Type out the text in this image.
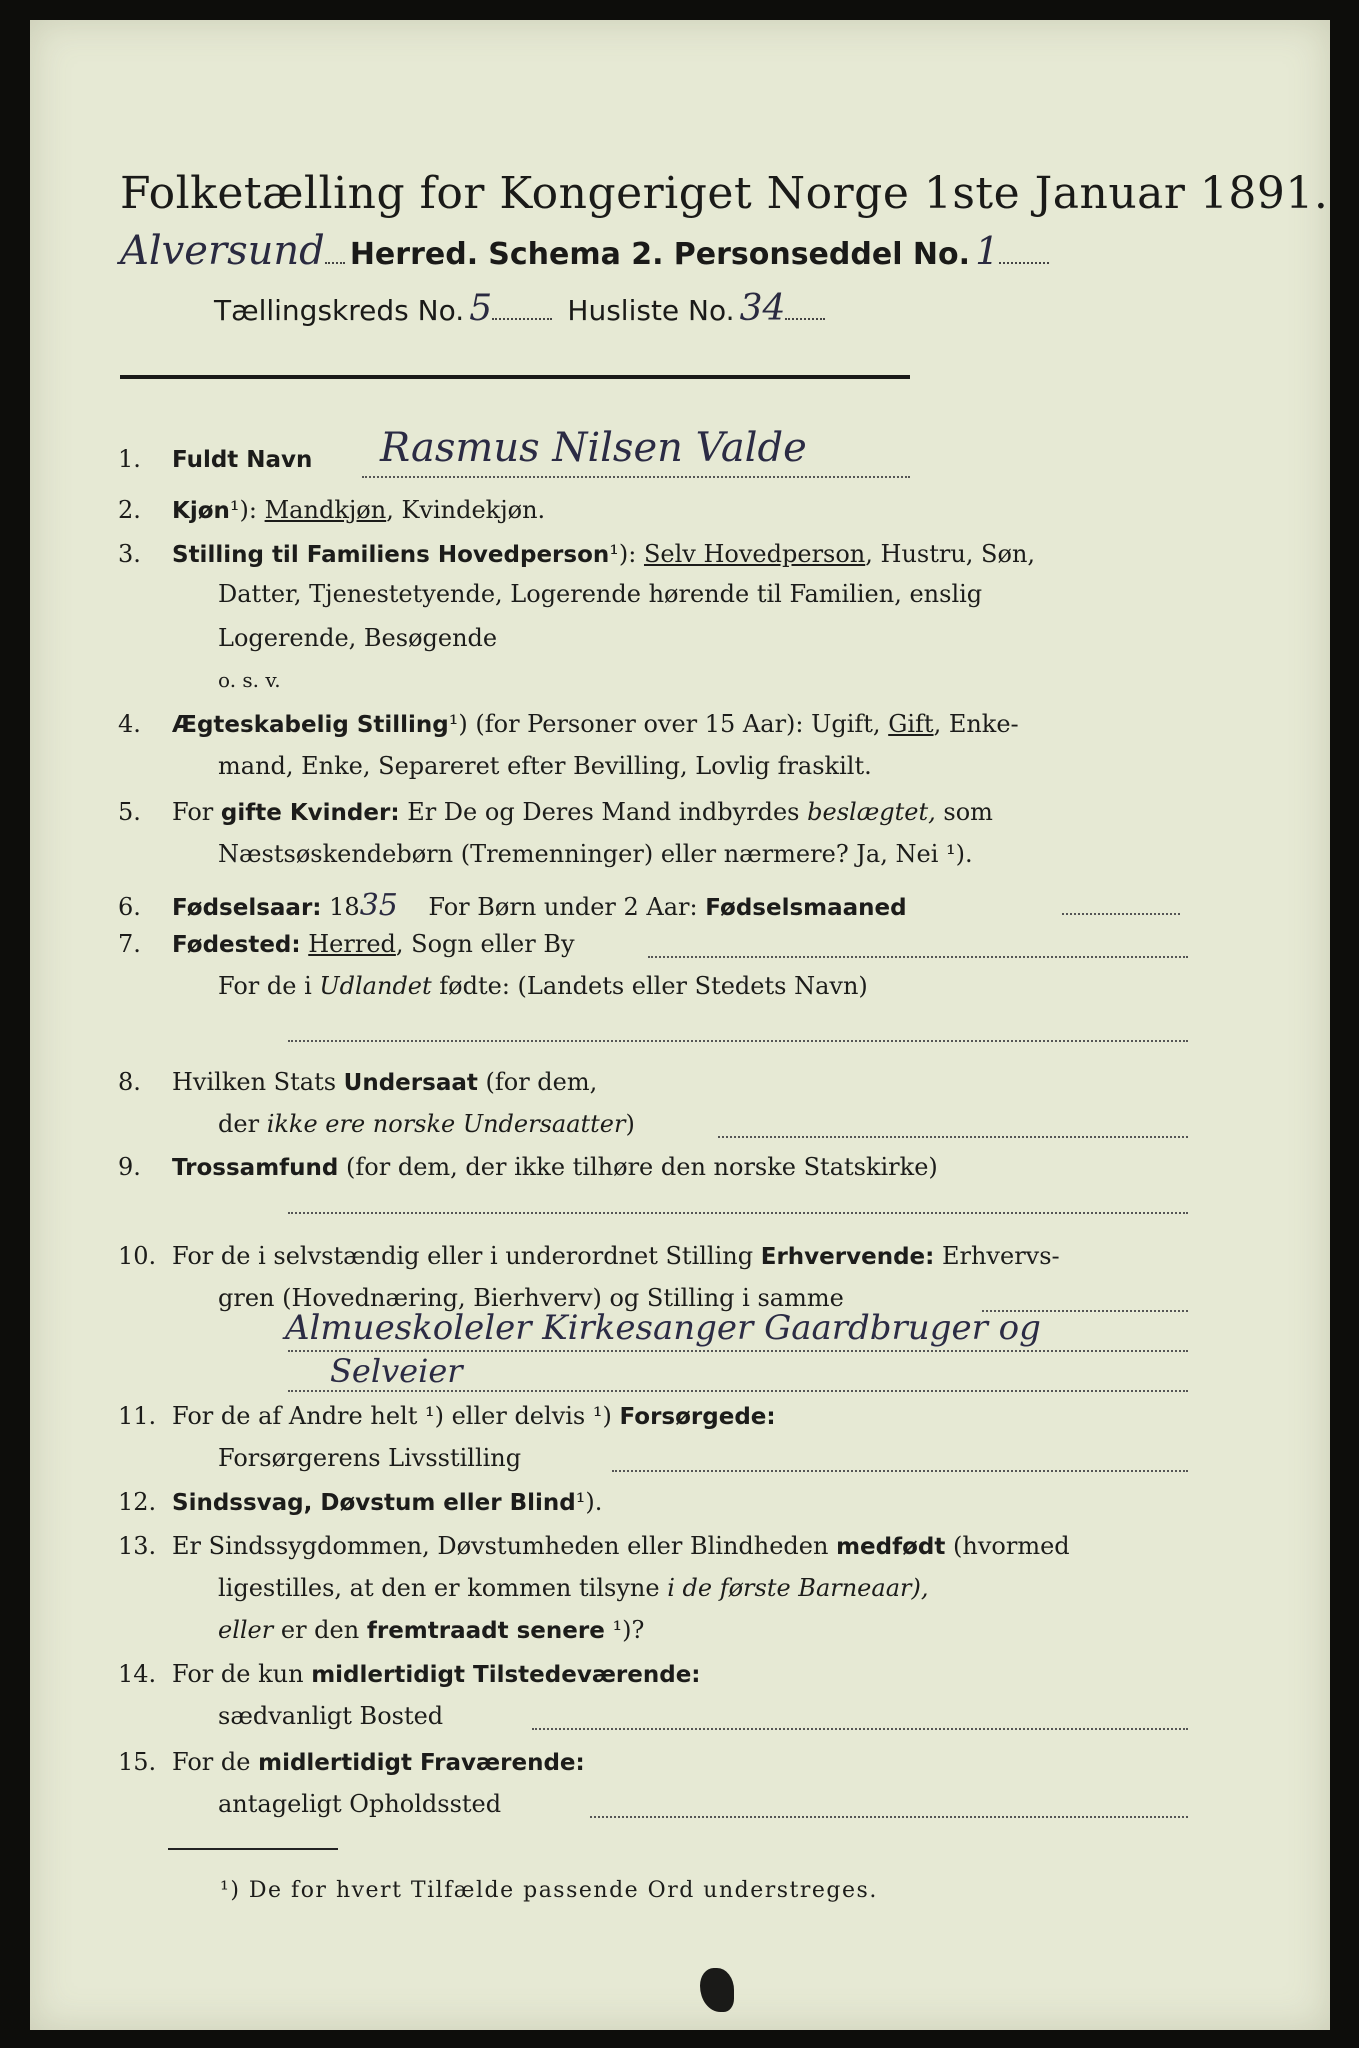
Folketælling for Kongeriget Norge 1ste Januar 1891.
Alversund Herred. Schema 2. Personseddel No. 1
Tællingskreds No. 5	Husliste No. 34
1. Fuldt Navn	Rasmus Nilsen Valde
2. Kjøn¹): Mandkjøn, Kvindekjøn.
3. Stilling til Familiens Hovedperson¹): Selv Hovedperson, Hustru, Søn,
Datter, Tjenestetyende, Logerende hørende til Familien, enslig
Logerende, Besøgende
o. s. v.
4. Ægteskabelig Stilling¹) (for Personer over 15 Aar): Ugift, Gift, Enke-
mand, Enke, Separeret efter Bevilling, Lovlig fraskilt.
5. For gifte Kvinder: Er De og Deres Mand indbyrdes beslægtet, som
Næstsøskendebørn (Tremenninger) eller nærmere? Ja, Nei ¹).
6. Fødselsaar: 1835 For Børn under 2 Aar: Fødselsmaaned
7. Fødested: Herred, Sogn eller By
For de i Udlandet fødte: (Landets eller Stedets Navn)
8. Hvilken Stats Undersaat (for dem,
der ikke ere norske Undersaatter)
9. Trossamfund (for dem, der ikke tilhøre den norske Statskirke)
10. For de i selvstændig eller i underordnet Stilling Erhvervende: Erhvervs-
gren (Hovednæring, Bierhverv) og Stilling i samme
Almueskoleler Kirkesanger Gaardbruger og
Selveier
11. For de af Andre helt ¹) eller delvis ¹) Forsørgede:
Forsørgerens Livsstilling
12. Sindssvag, Døvstum eller Blind¹).
13. Er Sindssygdommen, Døvstumheden eller Blindheden medfødt (hvormed
ligestilles, at den er kommen tilsyne i de første Barneaar),
eller er den fremtraadt senere ¹)?
14. For de kun midlertidigt Tilstedeværende:
sædvanligt Bosted
15. For de midlertidigt Fraværende:
antageligt Opholdssted
¹) De for hvert Tilfælde passende Ord understreges.
